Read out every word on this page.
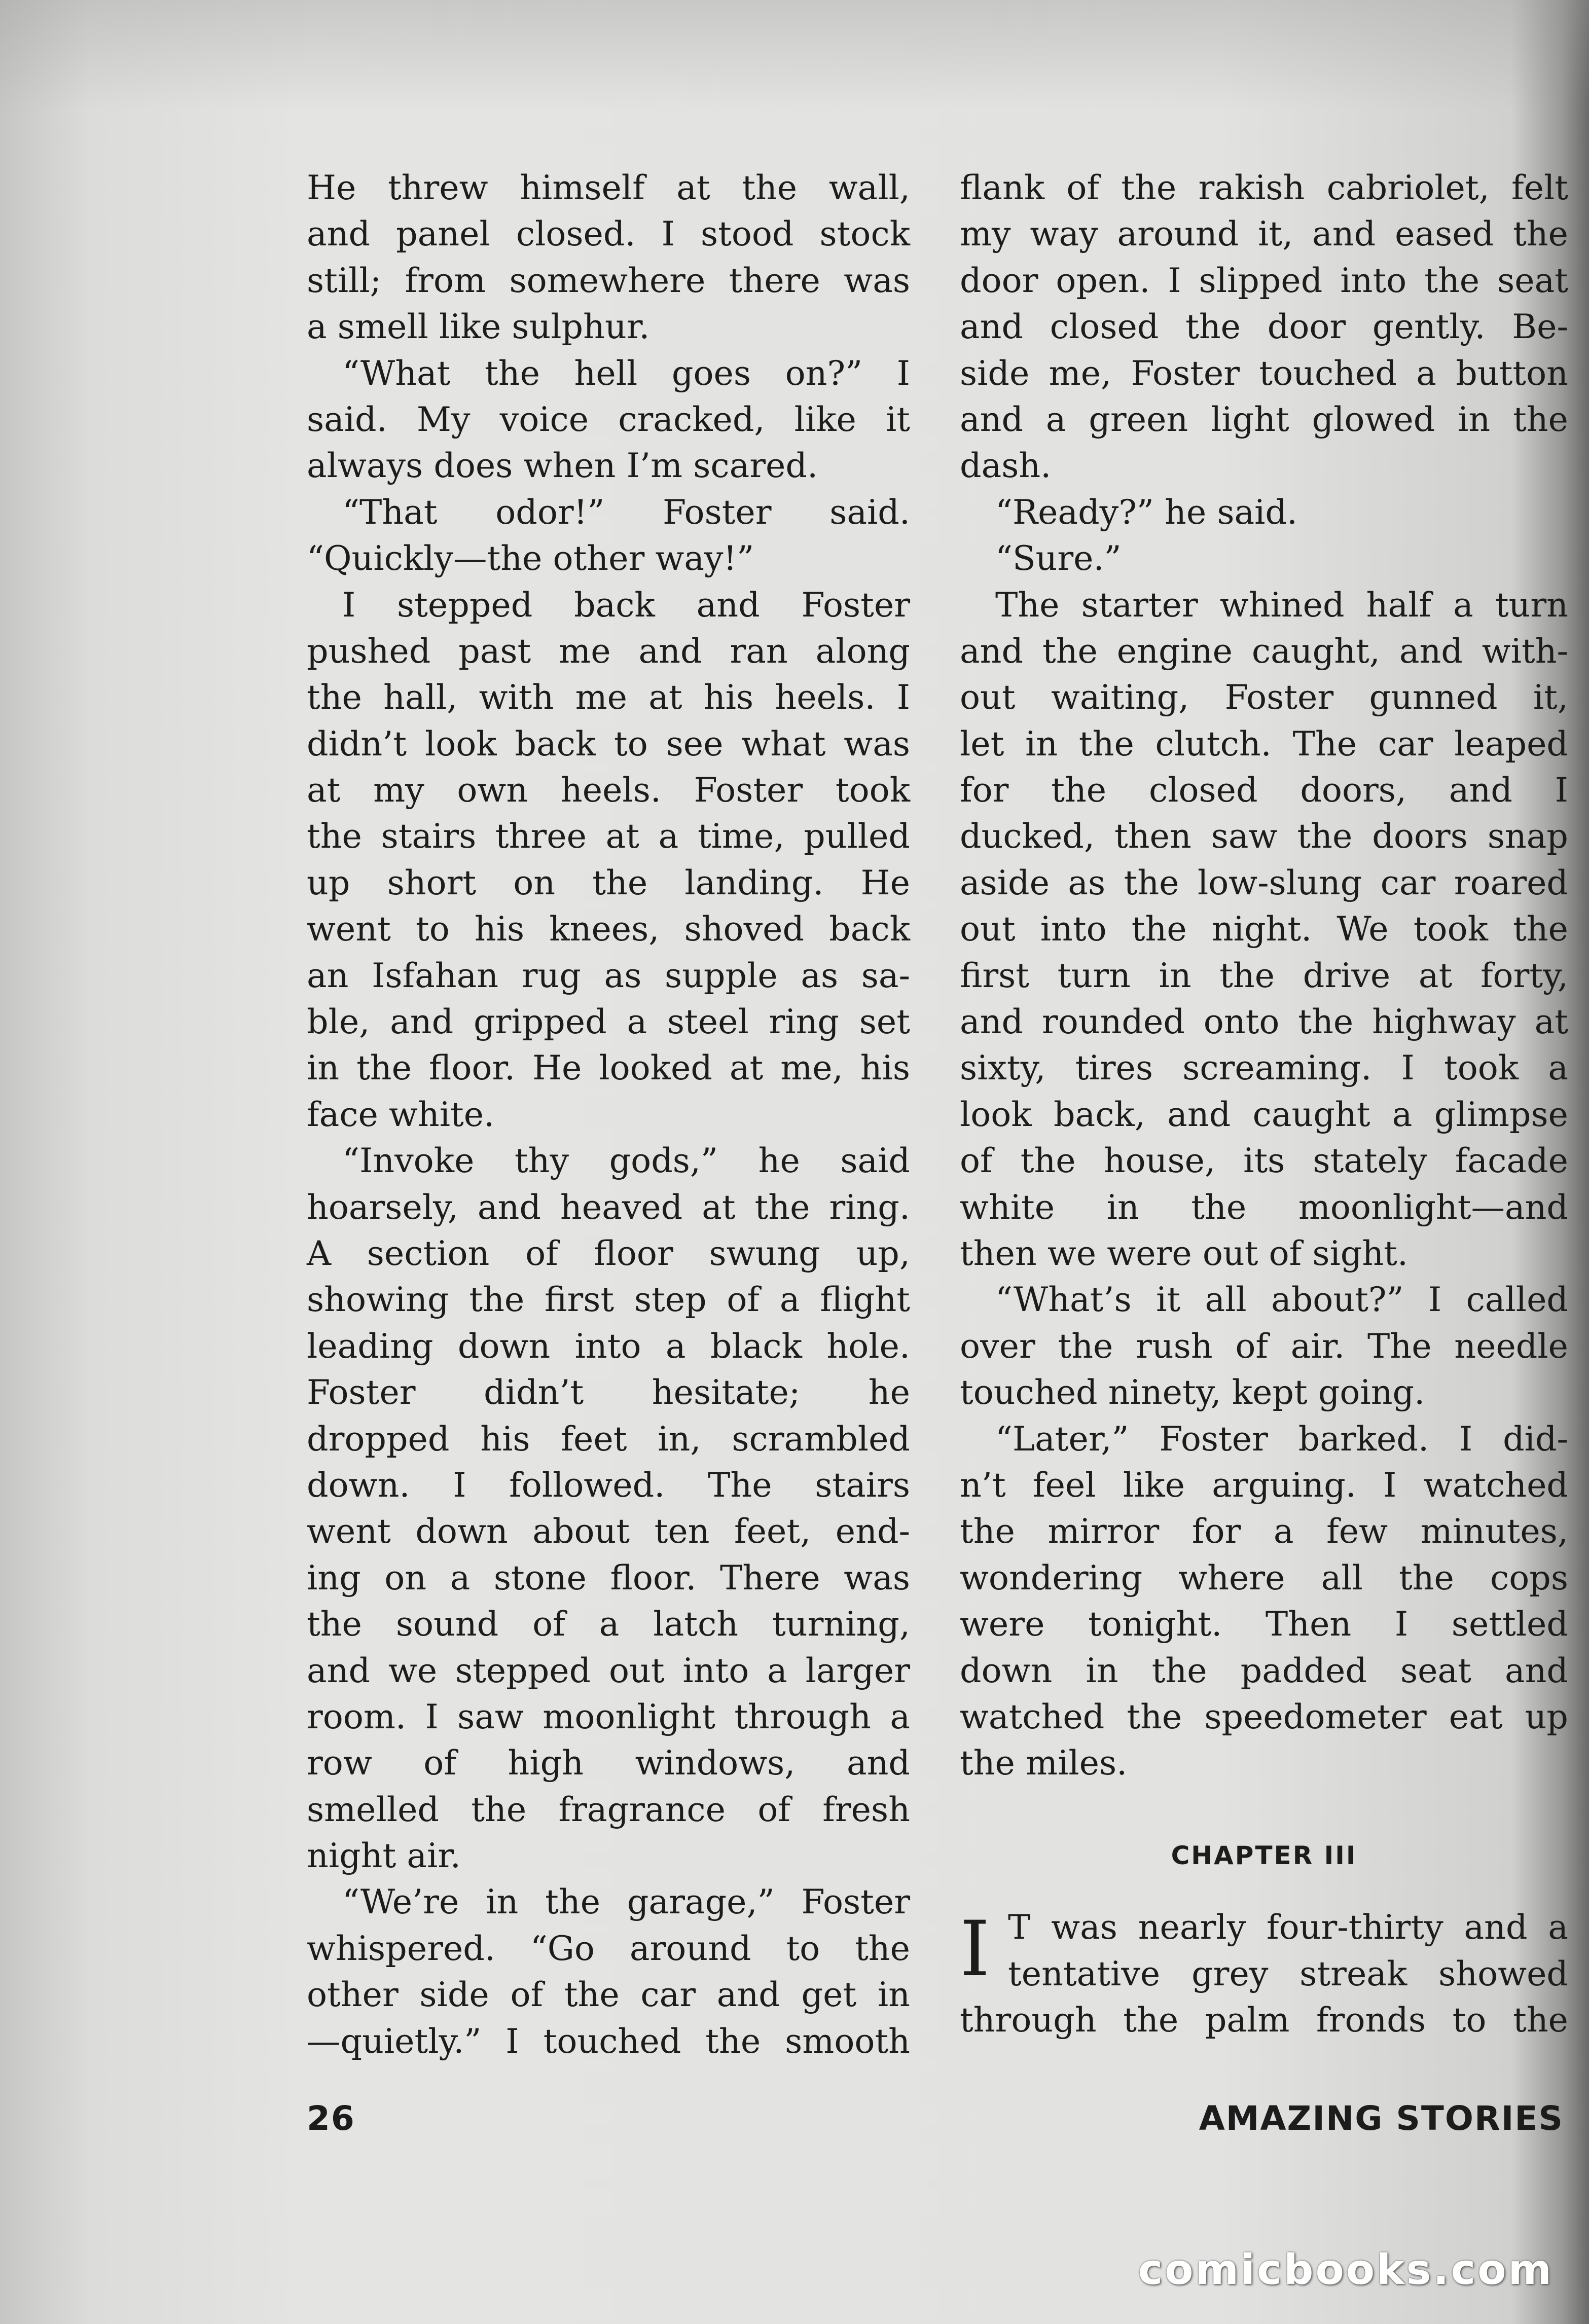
He threw himself at the wall,
and panel closed. I stood stock
still; from somewhere there was
a smell like sulphur.
“What the hell goes on?” I
said. My voice cracked, like it
always does when I’m scared.
“That odor!” Foster said.
“Quickly—the other way!”
I stepped back and Foster
pushed past me and ran along
the hall, with me at his heels. I
didn’t look back to see what was
at my own heels. Foster took
the stairs three at a time, pulled
up short on the landing. He
went to his knees, shoved back
an Isfahan rug as supple as sa-
ble, and gripped a steel ring set
in the floor. He looked at me, his
face white.
“Invoke thy gods,” he said
hoarsely, and heaved at the ring.
A section of floor swung up,
showing the first step of a flight
leading down into a black hole.
Foster didn’t hesitate; he
dropped his feet in, scrambled
down. I followed. The stairs
went down about ten feet, end-
ing on a stone floor. There was
the sound of a latch turning,
and we stepped out into a larger
room. I saw moonlight through a
row of high windows, and
smelled the fragrance of fresh
night air.
“We’re in the garage,” Foster
whispered. “Go around to the
other side of the car and get in
—quietly.” I touched the smooth
flank of the rakish cabriolet, felt
my way around it, and eased the
door open. I slipped into the seat
and closed the door gently. Be-
side me, Foster touched a button
and a green light glowed in the
dash.
“Ready?” he said.
“Sure.”
The starter whined half a turn
and the engine caught, and with-
out waiting, Foster gunned it,
let in the clutch. The car leaped
for the closed doors, and I
ducked, then saw the doors snap
aside as the low-slung car roared
out into the night. We took the
first turn in the drive at forty,
and rounded onto the highway at
sixty, tires screaming. I took a
look back, and caught a glimpse
of the house, its stately facade
white in the moonlight—and
then we were out of sight.
“What’s it all about?” I called
over the rush of air. The needle
touched ninety, kept going.
“Later,” Foster barked. I did-
n’t feel like arguing. I watched
the mirror for a few minutes,
wondering where all the cops
were tonight. Then I settled
down in the padded seat and
watched the speedometer eat up
the miles.
CHAPTER III
I T was nearly four-thirty and a
tentative grey streak showed
through the palm fronds to the
26	AMAZING STORIES
comicbooks.com
